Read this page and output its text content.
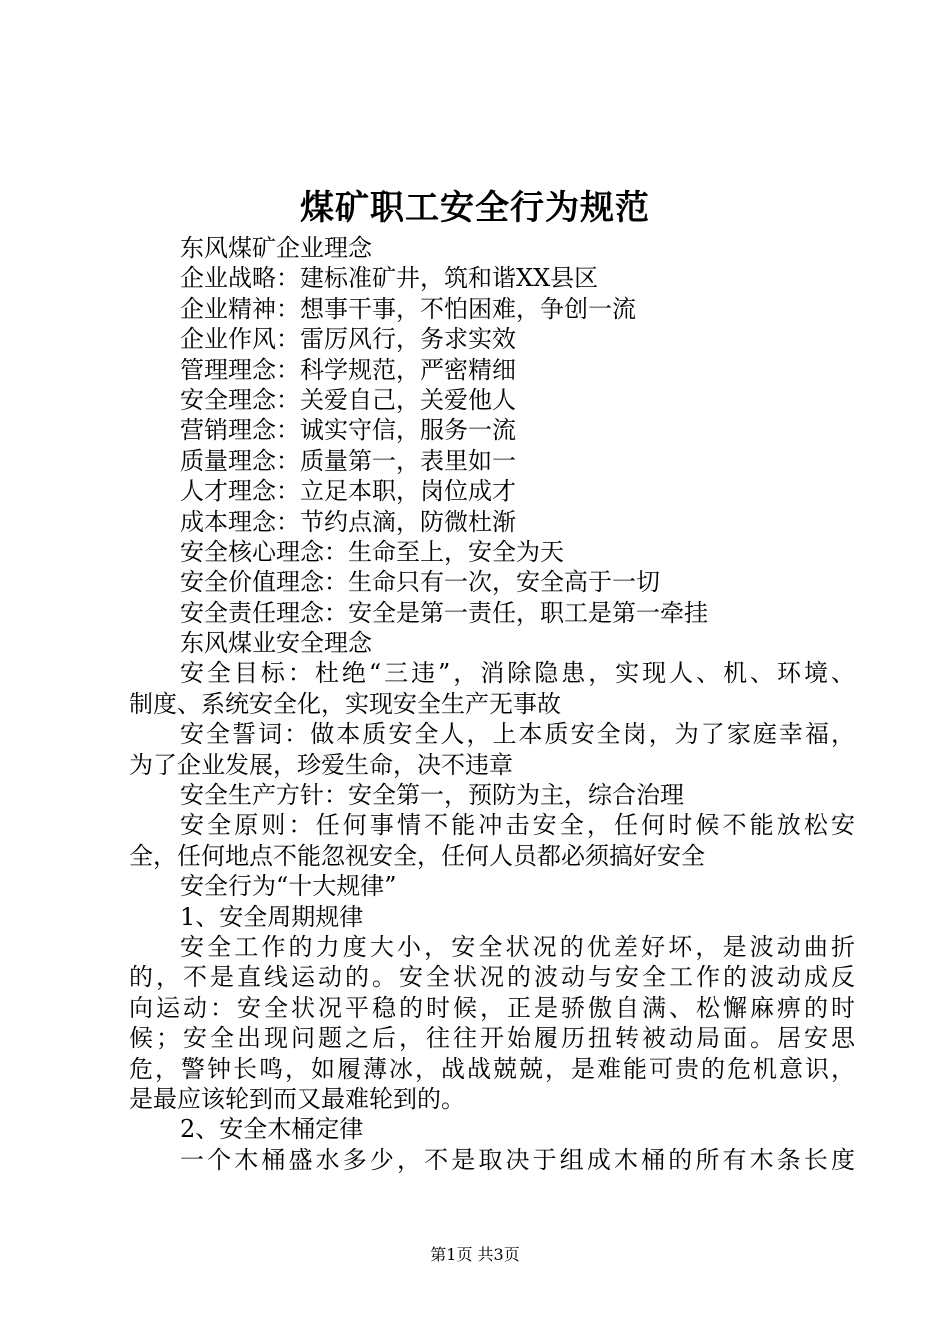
煤矿职工安全行为规范
东风煤矿企业理念
企业战略：建标准矿井，筑和谐XX县区
企业精神：想事干事，不怕困难，争创一流
企业作风：雷厉风行，务求实效
管理理念：科学规范，严密精细
安全理念：关爱自己，关爱他人
营销理念：诚实守信，服务一流
质量理念：质量第一，表里如一
人才理念：立足本职，岗位成才
成本理念：节约点滴，防微杜渐
安全核心理念：生命至上，安全为天
安全价值理念：生命只有一次，安全高于一切
安全责任理念：安全是第一责任，职工是第一牵挂
东风煤业安全理念
安全目标：杜绝“三违”，消除隐患，实现人、机、环境、
制度、系统安全化，实现安全生产无事故
安全誓词：做本质安全人，上本质安全岗，为了家庭幸福，
为了企业发展，珍爱生命，决不违章
安全生产方针：安全第一，预防为主，综合治理
安全原则：任何事情不能冲击安全，任何时候不能放松安
全，任何地点不能忽视安全，任何人员都必须搞好安全
安全行为“十大规律”
1、安全周期规律
安全工作的力度大小，安全状况的优差好坏，是波动曲折
的，不是直线运动的。安全状况的波动与安全工作的波动成反
向运动：安全状况平稳的时候，正是骄傲自满、松懈麻痹的时
候；安全出现问题之后，往往开始履历扭转被动局面。居安思
危，警钟长鸣，如履薄冰，战战兢兢，是难能可贵的危机意识，
是最应该轮到而又最难轮到的。
2、安全木桶定律
一个木桶盛水多少，不是取决于组成木桶的所有木条长度
第1页 共3页
